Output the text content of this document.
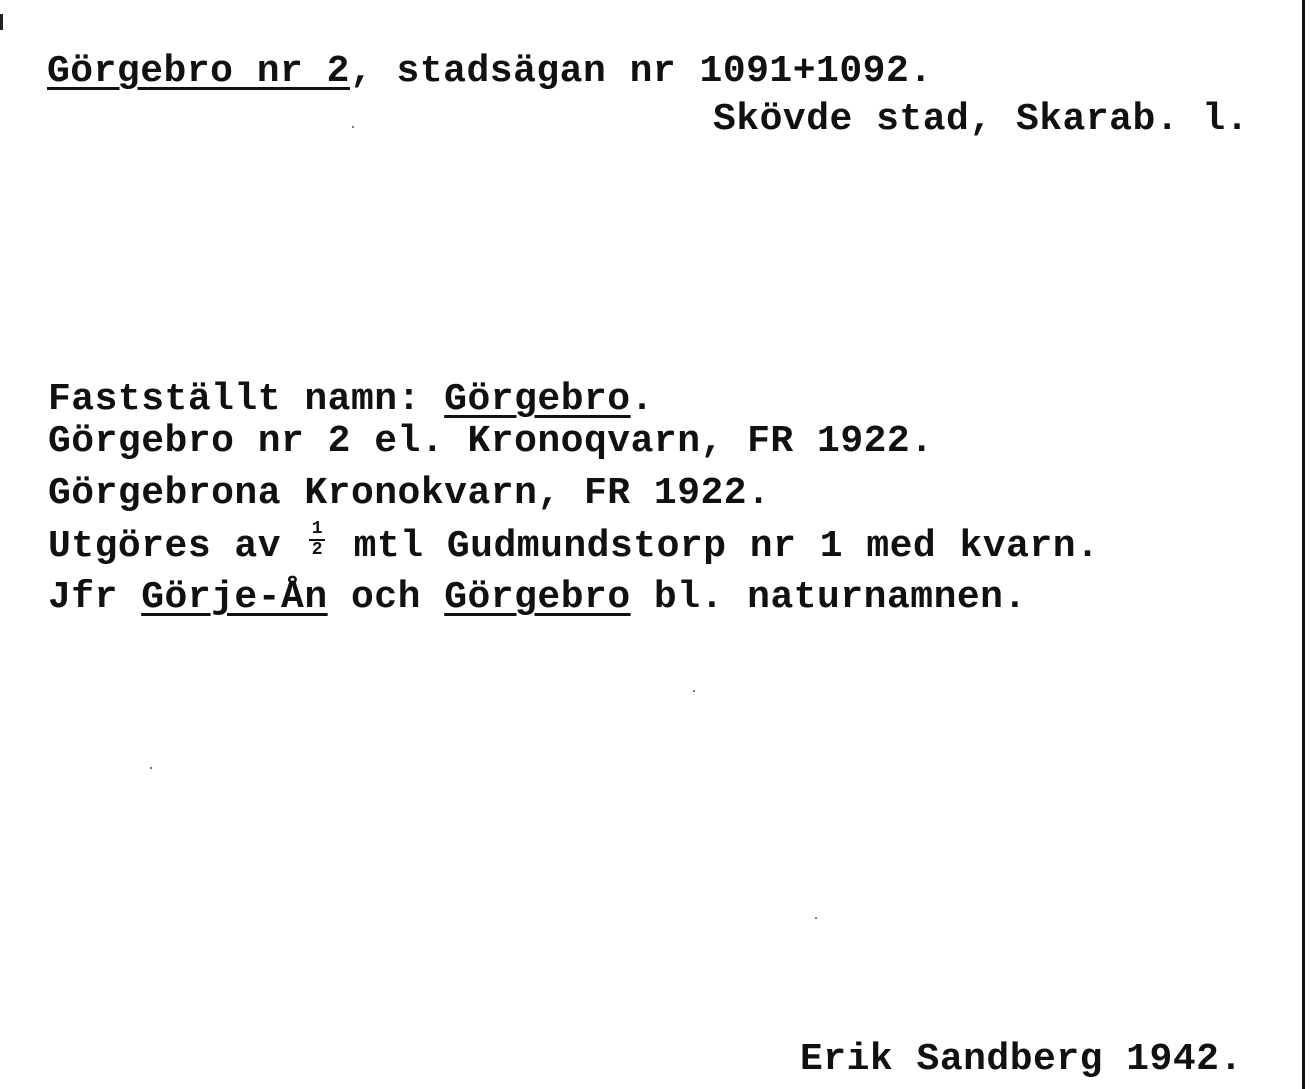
Görgebro nr 2, stadsägan nr 1091+1092.
Skövde stad, Skarab. l.
Fastställt namn: Görgebro.
Görgebro nr 2 el. Kronoqvarn, FR 1922.
Görgebrona Kronokvarn, FR 1922.
Utgöres av $\frac{1}{2}$ mtl Gudmundstorp nr 1 med kvarn.
Jfr Görje-Ån och Görgebro bl. naturnamnen.
Erik Sandberg 1942.
